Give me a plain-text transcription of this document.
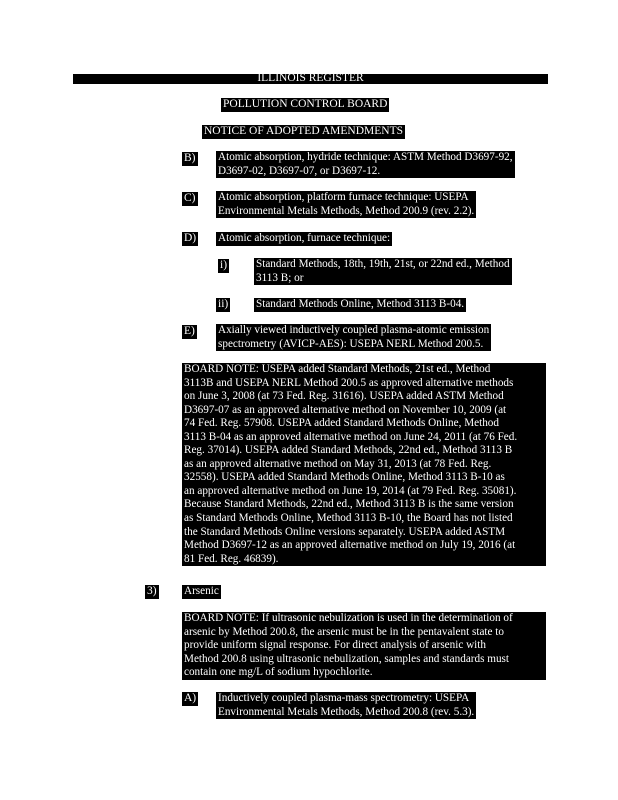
ILLINOIS REGISTER
POLLUTION CONTROL BOARD
NOTICE OF ADOPTED AMENDMENTS
B) Atomic absorption, hydride technique: ASTM Method D3697-92,
D3697-02, D3697-07, or D3697-12.
C) Atomic absorption, platform furnace technique: USEPA
Environmental Metals Methods, Method 200.9 (rev. 2.2).
D) Atomic absorption, furnace technique:
i)	Standard Methods, 18th, 19th, 21st, or 22nd ed., Method
3113 B; or
ii) Standard Methods Online, Method 3113 B-04.
E) Axially viewed inductively coupled plasma-atomic emission
spectrometry (AVICP-AES): USEPA NERL Method 200.5.
BOARD NOTE: USEPA added Standard Methods, 21st ed., Method
3113B and USEPA NERL Method 200.5 as approved alternative methods
on June 3, 2008 (at 73 Fed. Reg. 31616). USEPA added ASTM Method
D3697-07 as an approved alternative method on November 10, 2009 (at
74 Fed. Reg. 57908. USEPA added Standard Methods Online, Method
3113 B-04 as an approved alternative method on June 24, 2011 (at 76 Fed.
Reg. 37014). USEPA added Standard Methods, 22nd ed., Method 3113 B
as an approved alternative method on May 31, 2013 (at 78 Fed. Reg.
32558). USEPA added Standard Methods Online, Method 3113 B-10 as
an approved alternative method on June 19, 2014 (at 79 Fed. Reg. 35081).
Because Standard Methods, 22nd ed., Method 3113 B is the same version
as Standard Methods Online, Method 3113 B-10, the Board has not listed
the Standard Methods Online versions separately. USEPA added ASTM
Method D3697-12 as an approved alternative method on July 19, 2016 (at
81 Fed. Reg. 46839).
3) Arsenic
BOARD NOTE: If ultrasonic nebulization is used in the determination of
arsenic by Method 200.8, the arsenic must be in the pentavalent state to
provide uniform signal response. For direct analysis of arsenic with
Method 200.8 using ultrasonic nebulization, samples and standards must
contain one mg/L of sodium hypochlorite.
A) Inductively coupled plasma-mass spectrometry: USEPA
Environmental Metals Methods, Method 200.8 (rev. 5.3).
